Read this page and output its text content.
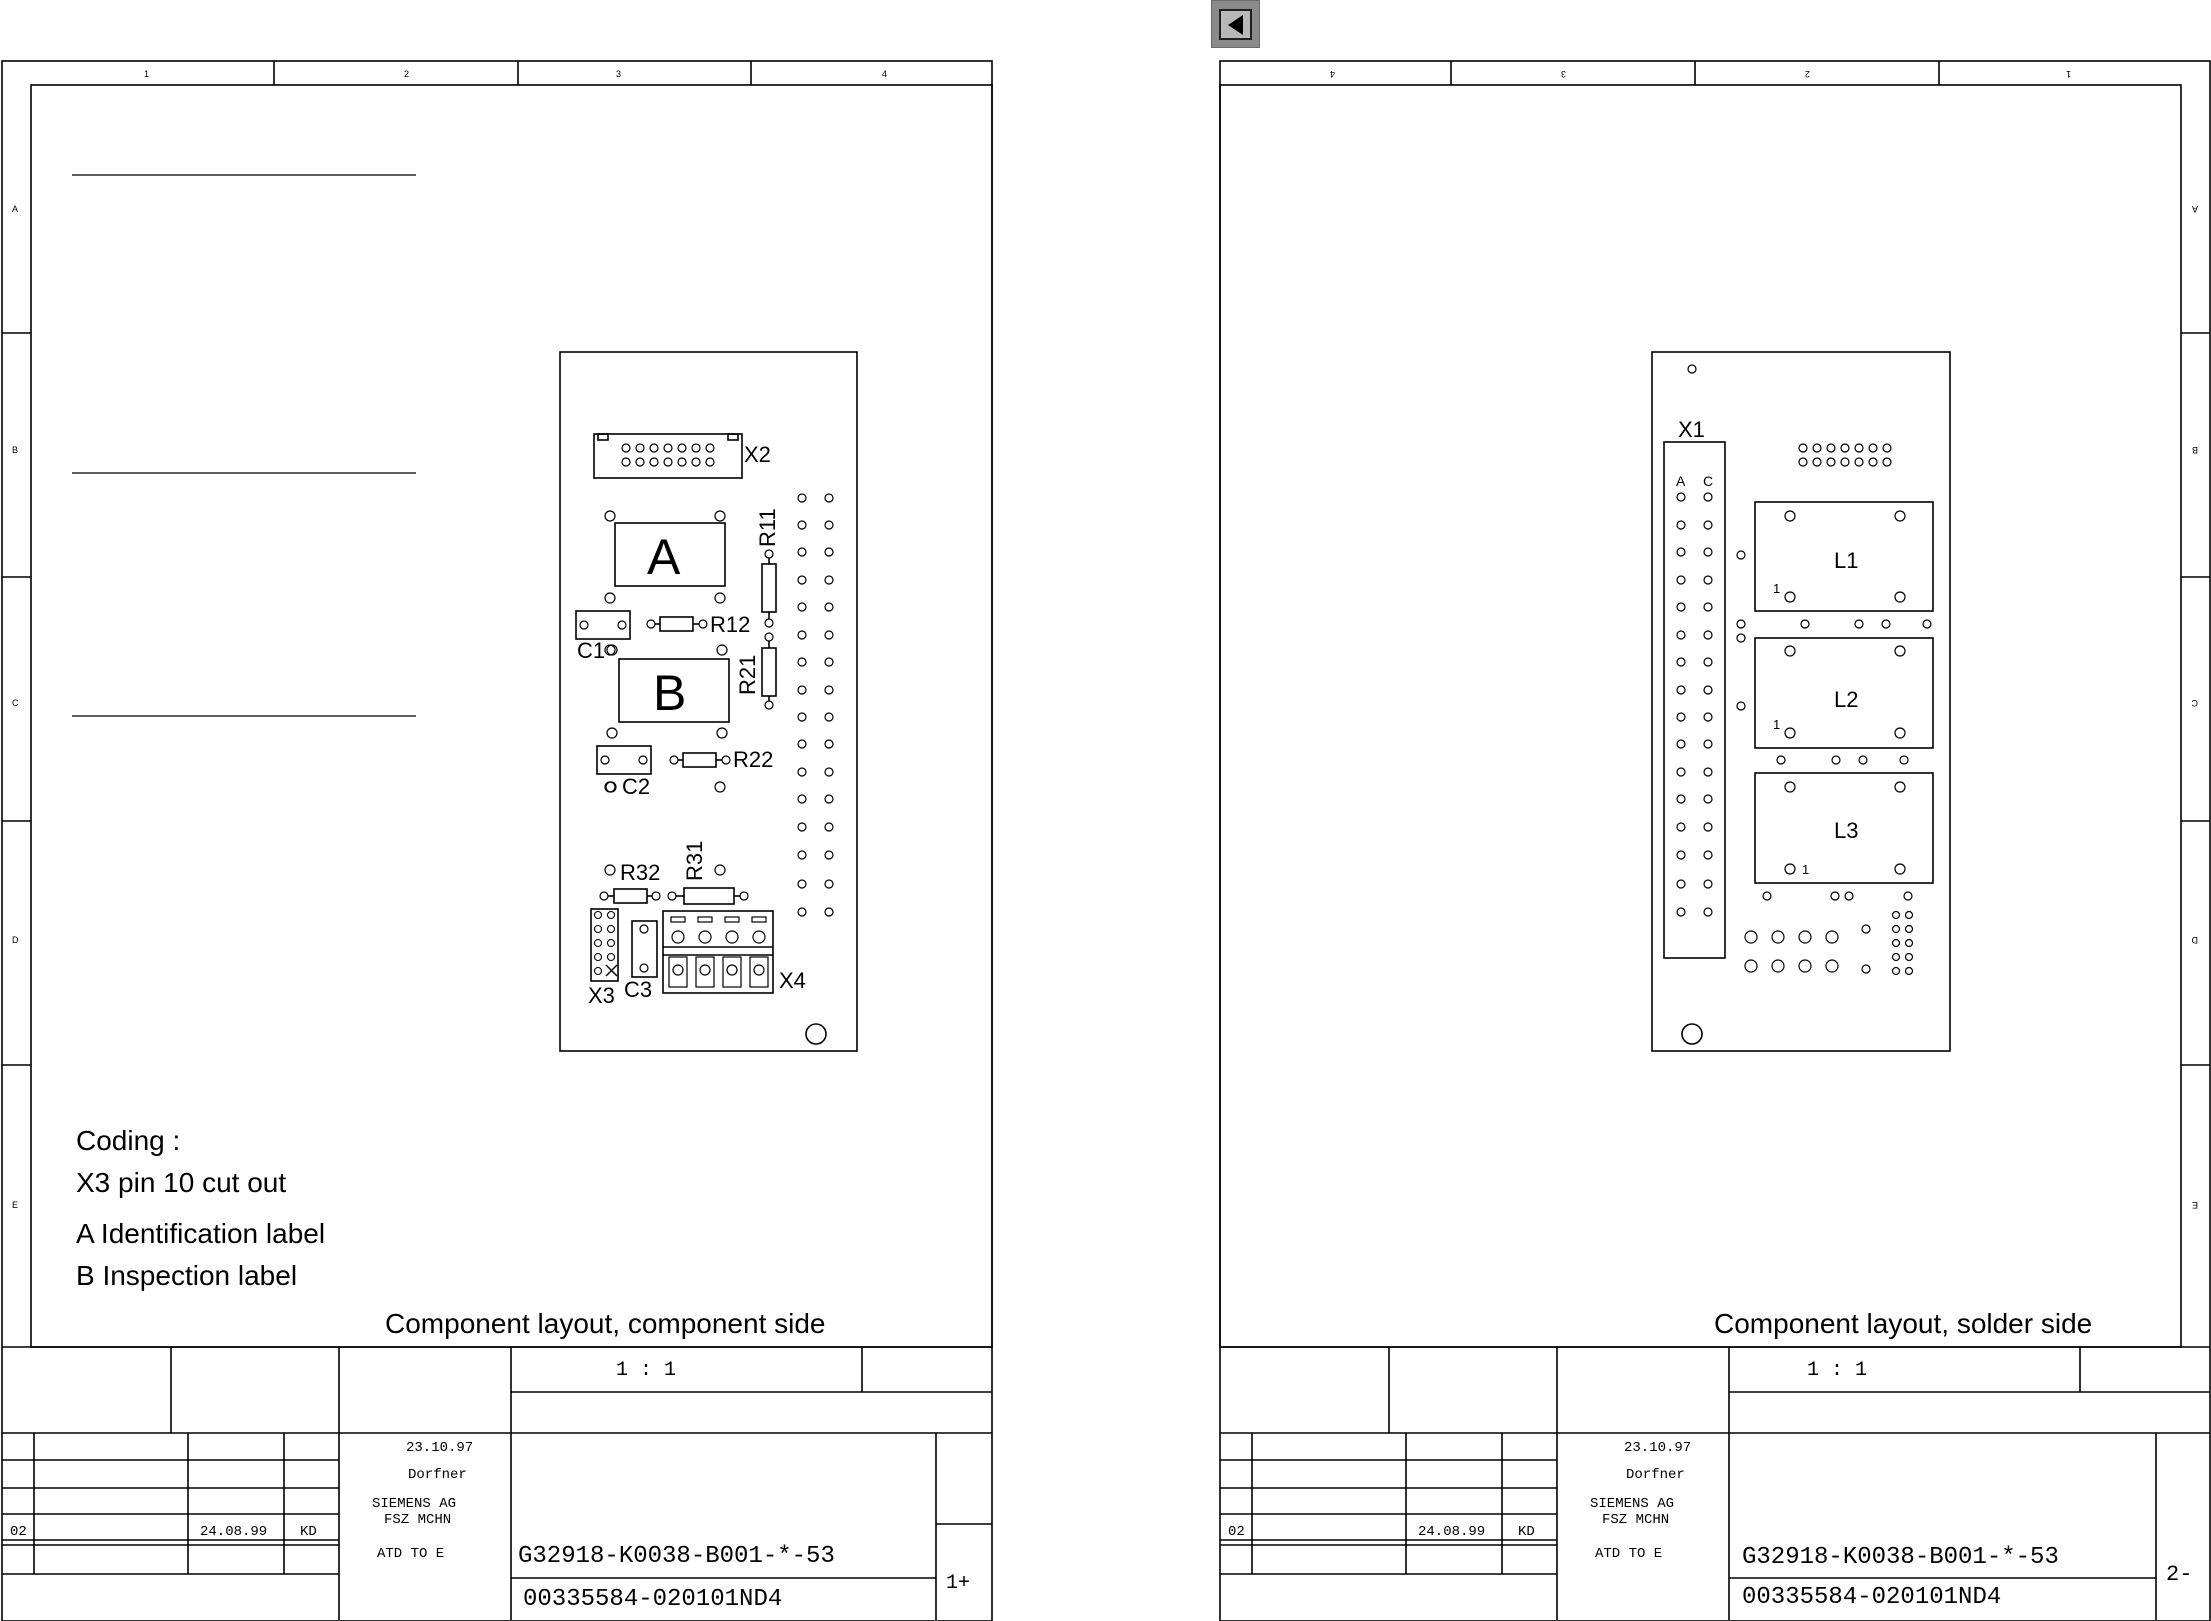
1	2	3	4
A
B
C
D
E
Coding :
X3 pin 10 cut out
A Identification label
B Inspection label
Component layout, component side
X2
A
B
R11
R12
R21
R22
R31
R32
C1
C2
C3
X3
X4
1 : 1
23.10.97
Dorfner
SIEMENS AG
FSZ MCHN
02	24.08.99 KD
ATD TO E	G32918-K0038-B001-*-53
00335584-020101ND4
1+
4	3	2	1
A
B
C
D
E
Component layout, solder side
X1
A C
L1
L2
L3
1
1
1
1 : 1
23.10.97
Dorfner
SIEMENS AG
FSZ MCHN
02	24.08.99 KD
ATD TO E	G32918-K0038-B001-*-53
00335584-020101ND4
2-
